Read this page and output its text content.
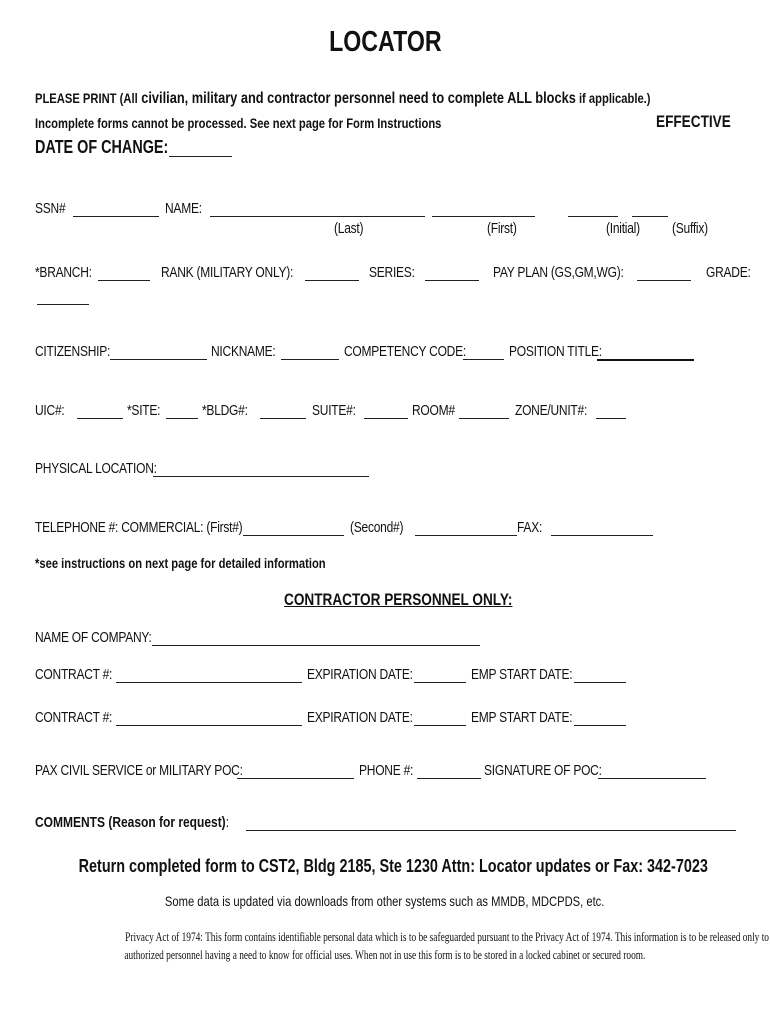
LOCATOR
PLEASE PRINT (All civilian, military and contractor personnel need to complete ALL blocks if applicable.)
Incomplete forms cannot be processed. See next page for Form Instructions	EFFECTIVE
DATE OF CHANGE:
SSN#	NAME:
(Last)	(First)	(Initial)	(Suffix)
*BRANCH:	RANK (MILITARY ONLY):	SERIES:	PAY PLAN (GS,GM,WG):	GRADE:
CITIZENSHIP:	NICKNAME:	COMPETENCY CODE:	POSITION TITLE:
UIC#:	*SITE:	*BLDG#:	SUITE#:	ROOM#	ZONE/UNIT#:
PHYSICAL LOCATION:
TELEPHONE #: COMMERCIAL: (First#)	(Second#)	FAX:
*see instructions on next page for detailed information
CONTRACTOR PERSONNEL ONLY:
NAME OF COMPANY:
CONTRACT #:	EXPIRATION DATE:	EMP START DATE:
CONTRACT #:	EXPIRATION DATE:	EMP START DATE:
PAX CIVIL SERVICE or MILITARY POC:	PHONE #:	SIGNATURE OF POC:
COMMENTS (Reason for request):
Return completed form to CST2, Bldg 2185, Ste 1230 Attn: Locator updates or Fax: 342-7023
Some data is updated via downloads from other systems such as MMDB, MDCPDS, etc.
Privacy Act of 1974: This form contains identifiable personal data which is to be safeguarded pursuant to the Privacy Act of 1974. This information is to be released only to
authorized personnel having a need to know for official uses. When not in use this form is to be stored in a locked cabinet or secured room.
